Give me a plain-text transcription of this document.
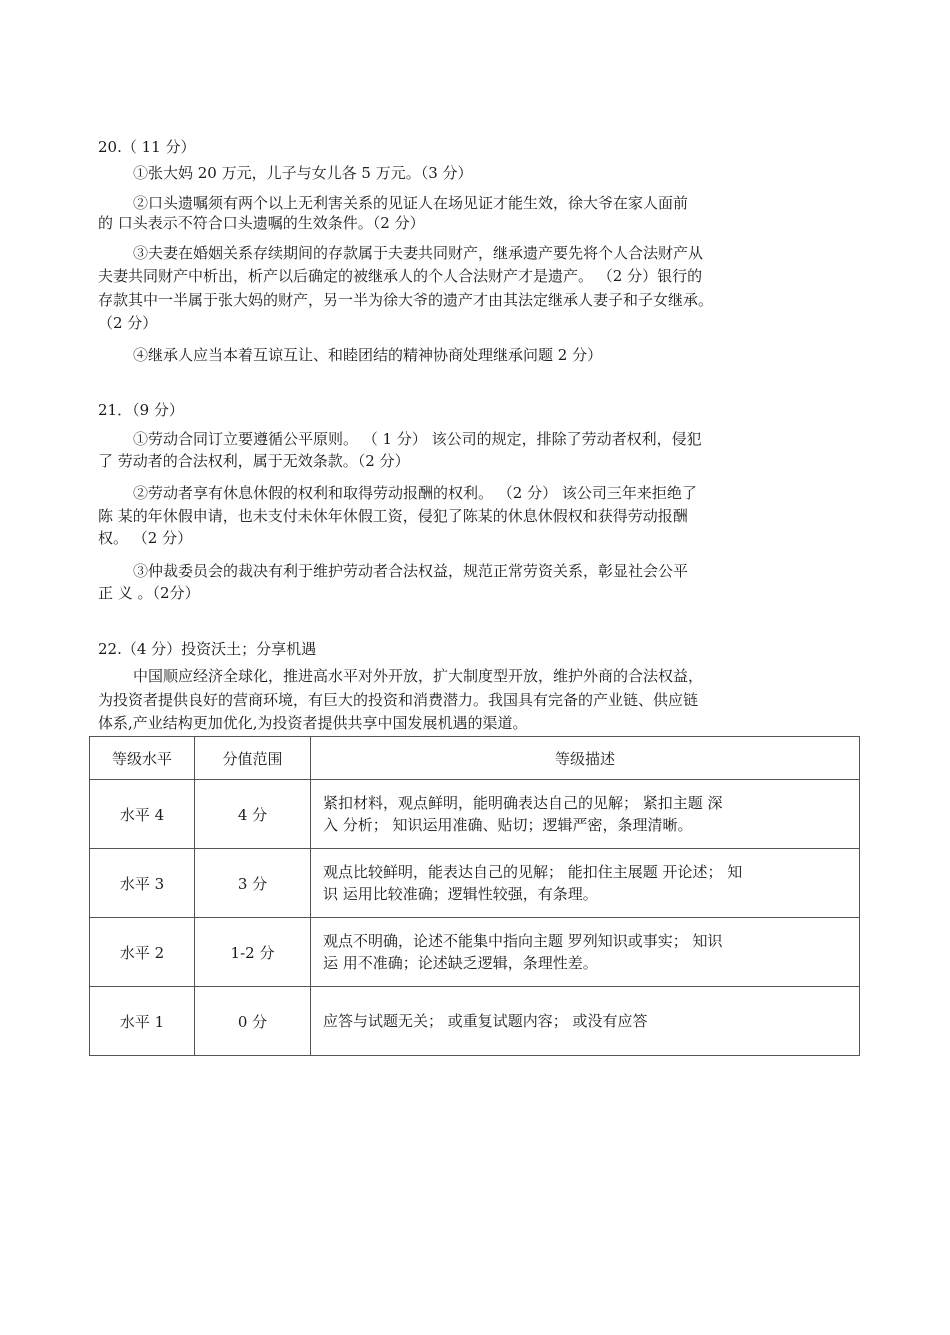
20.（ 11 分）
①张大妈 20 万元，儿子与女儿各 5 万元。（3 分）
②口头遗嘱须有两个以上无利害关系的见证人在场见证才能生效，徐大爷在家人面前
的 口头表示不符合口头遗嘱的生效条件。（2 分）
③夫妻在婚姻关系存续期间的存款属于夫妻共同财产，继承遗产要先将个人合法财产从
夫妻共同财产中析出，析产以后确定的被继承人的个人合法财产才是遗产。 （2 分）银行的
存款其中一半属于张大妈的财产，另一半为徐大爷的遗产才由其法定继承人妻子和子女继承。
（2 分）
④继承人应当本着互谅互让、和睦团结的精神协商处理继承问题 2 分）
21．（9 分）
①劳动合同订立要遵循公平原则。 （ 1 分） 该公司的规定，排除了劳动者权利，侵犯
了 劳动者的合法权利，属于无效条款。（2 分）
②劳动者享有休息休假的权利和取得劳动报酬的权利。 （2 分） 该公司三年来拒绝了
陈 某的年休假申请，也未支付未休年休假工资，侵犯了陈某的休息休假权和获得劳动报酬
权。 （2 分）
③仲裁委员会的裁决有利于维护劳动者合法权益，规范正常劳资关系，彰显社会公平
正 义 。（2分）
22.（4 分）投资沃土；分享机遇
中国顺应经济全球化，推进高水平对外开放，扩大制度型开放，维护外商的合法权益，
为投资者提供良好的营商环境，有巨大的投资和消费潜力。我国具有完备的产业链、供应链
体系,产业结构更加优化,为投资者提供共享中国发展机遇的渠道。
等级水平	分值范围	等级描述
水平 4	4 分	紧扣材料，观点鲜明，能明确表达自己的见解； 紧扣主题 深
入 分析； 知识运用准确、贴切；逻辑严密，条理清晰。

水平 3	3 分	观点比较鲜明，能表达自己的见解； 能扣住主展题 开论述； 知
识 运用比较准确；逻辑性较强，有条理。

水平 2	1-2 分	观点不明确，论述不能集中指向主题 罗列知识或事实； 知识
运 用不准确；论述缺乏逻辑，条理性差。

水平 1	0 分	应答与试题无关； 或重复试题内容； 或没有应答
